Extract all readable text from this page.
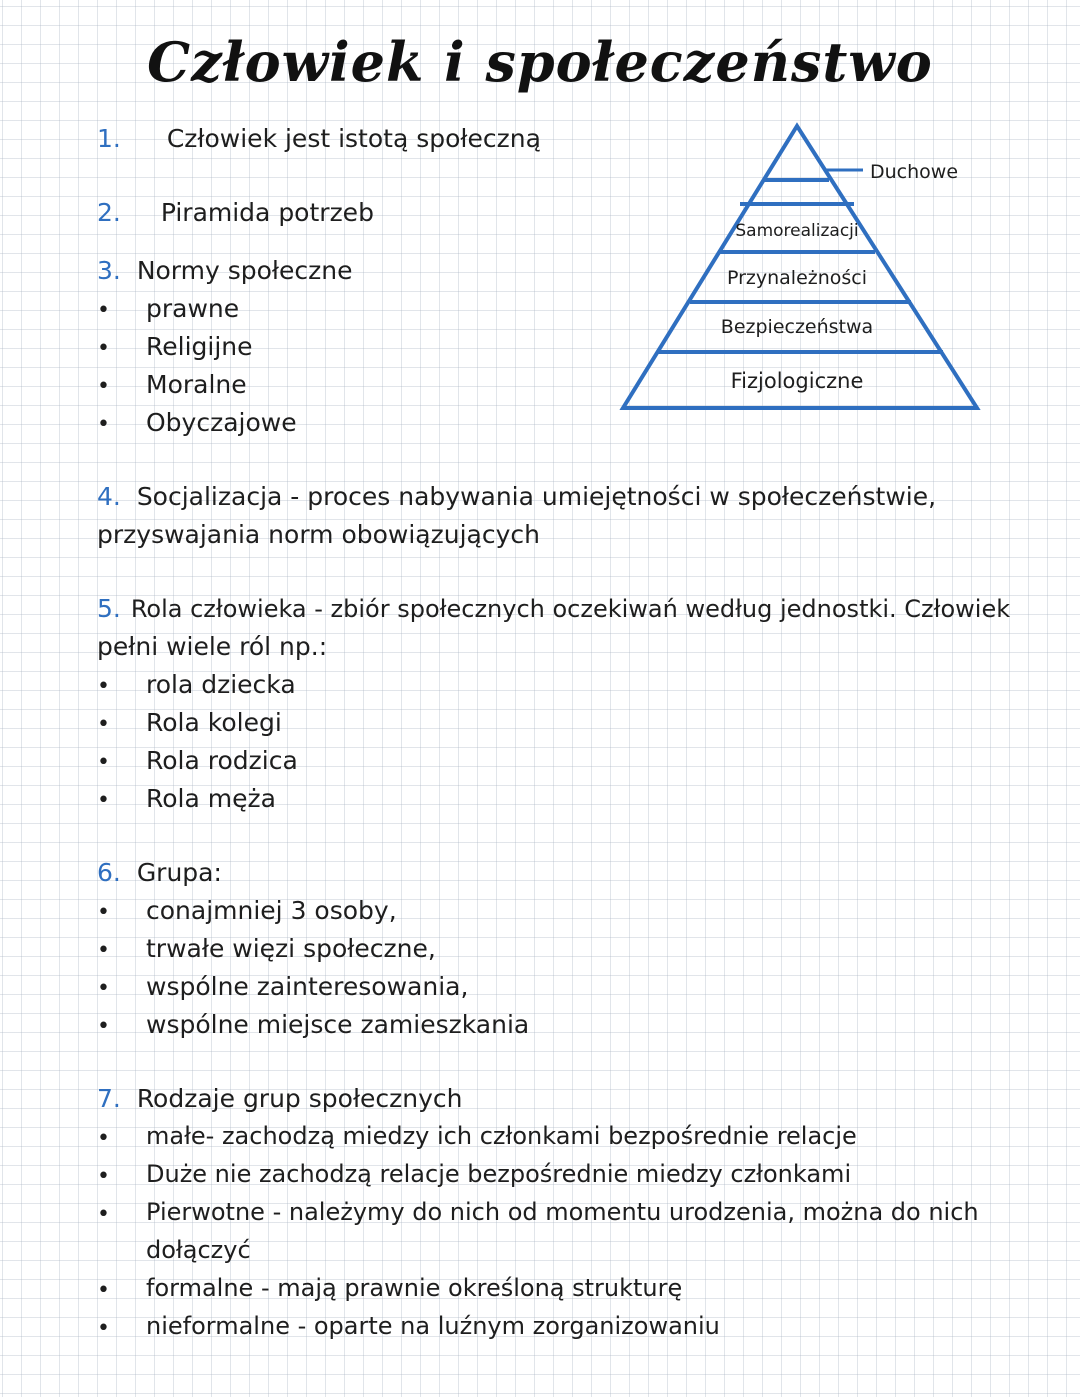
Człowiek i społeczeństwo
1. Człowiek jest istotą społeczną
2. Piramida potrzeb
3. Normy społeczne
• prawne
• Religijne
• Moralne
• Obyczajowe
Duchowe
Samorealizacji
Przynależności
Bezpieczeństwa
Fizjologiczne
4. Socjalizacja - proces nabywania umiejętności w społeczeństwie,
przyswajania norm obowiązujących
5. Rola człowieka - zbiór społecznych oczekiwań według jednostki. Człowiek
pełni wiele ról np.:
• rola dziecka
• Rola kolegi
• Rola rodzica
• Rola męża
6. Grupa:
• conajmniej 3 osoby,
• trwałe więzi społeczne,
• wspólne zainteresowania,
• wspólne miejsce zamieszkania
7. Rodzaje grup społecznych
• małe- zachodzą miedzy ich członkami bezpośrednie relacje
• Duże nie zachodzą relacje bezpośrednie miedzy członkami
• Pierwotne - należymy do nich od momentu urodzenia, można do nich
dołączyć
• formalne - mają prawnie określoną strukturę
• nieformalne - oparte na luźnym zorganizowaniu
